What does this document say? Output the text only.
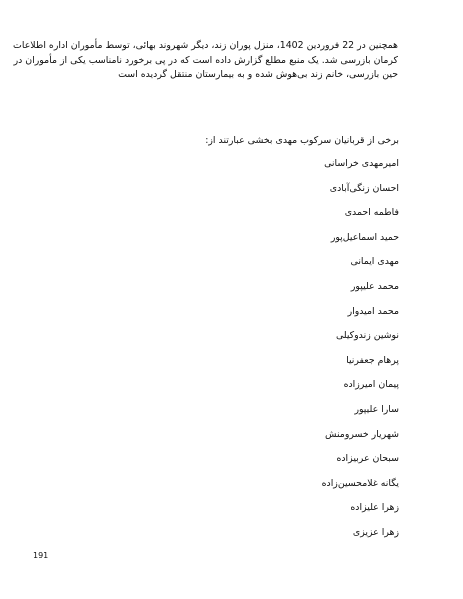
همچنین در 22 فروردین 1402، منزل پوران زند، دیگر شهروند بهائی، توسط مأموران اداره اطلاعات
کرمان بازرسی شد. یک منبع مطلع گزارش داده است که در پی برخورد نامناسب یکی از مأموران در
حین بازرسی، خانم زند بی‌هوش شده و به بیمارستان منتقل گردیده است

برخی از قربانیان سرکوب مهدی بخشی عبارتند از:

امیرمهدی خراسانی
احسان زنگی‌آبادی
فاطمه احمدی
حمید اسماعیل‌پور
مهدی ایمانی
محمد علیپور
محمد امیدوار
نوشین زندوکیلی
پرهام جعفرنیا
پیمان امیرزاده
سارا علیپور
شهریار خسرومنش
سبحان عربیزاده
یگانه غلامحسین‌زاده
زهرا علیزاده
زهرا عزیزی

191
